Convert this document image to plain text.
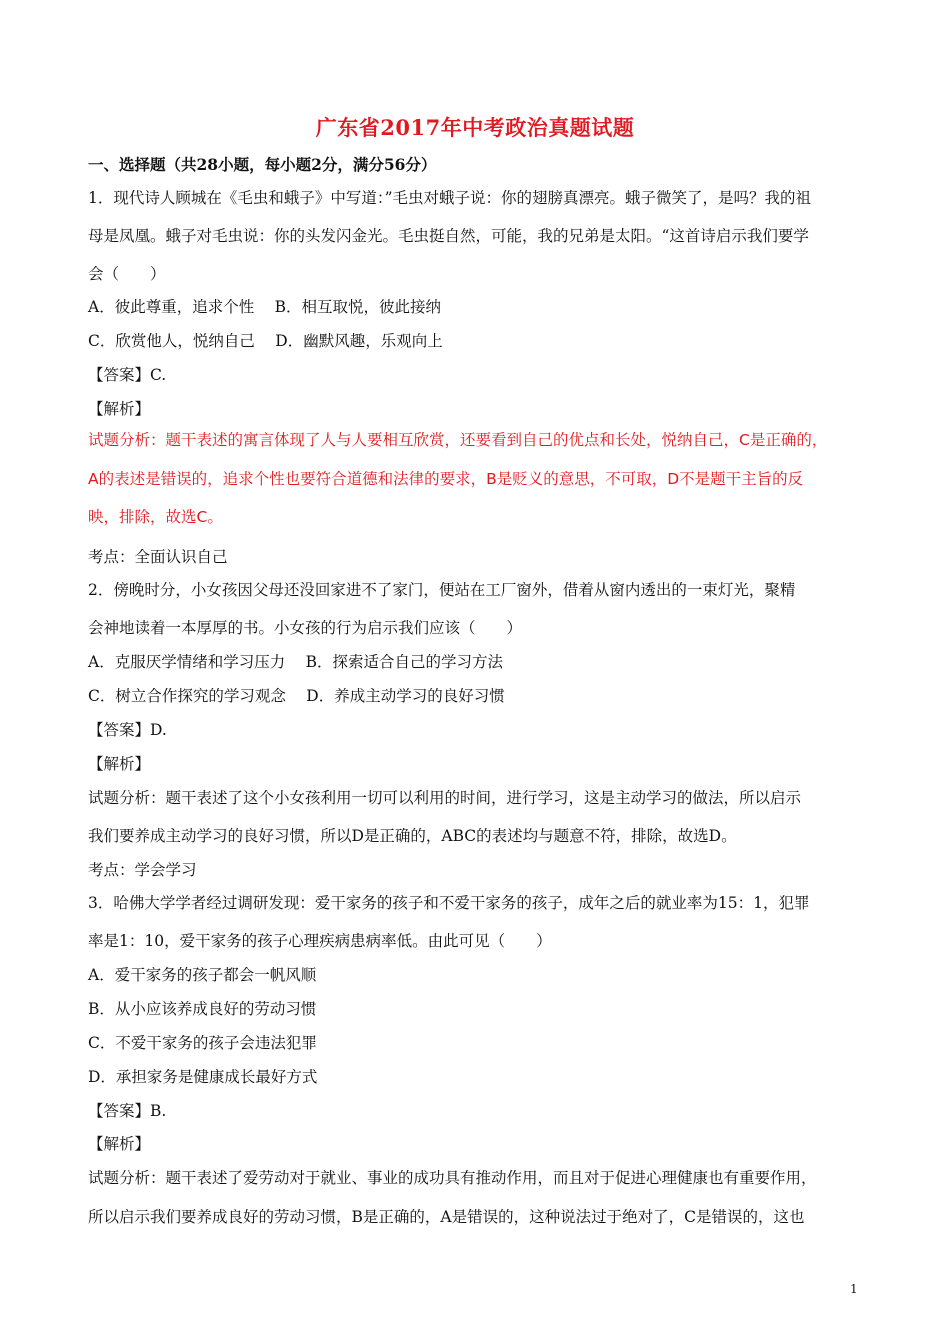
广东省2017年中考政治真题试题
一、选择题（共28小题，每小题2分，满分56分）
1．现代诗人顾城在《毛虫和蛾子》中写道：”毛虫对蛾子说：你的翅膀真漂亮。蛾子微笑了，是吗？我的祖
母是凤凰。蛾子对毛虫说：你的头发闪金光。毛虫挺自然，可能，我的兄弟是太阳。“这首诗启示我们要学
会（　　）
A．彼此尊重，追求个性　 B．相互取悦，彼此接纳
C．欣赏他人，悦纳自己　 D．幽默风趣，乐观向上
【答案】C.
【解析】
试题分析：题干表述的寓言体现了人与人要相互欣赏，还要看到自己的优点和长处，悦纳自己，C是正确的，
A的表述是错误的，追求个性也要符合道德和法律的要求，B是贬义的意思，不可取，D不是题干主旨的反
映，排除，故选C。
考点：全面认识自己
2．傍晚时分，小女孩因父母还没回家进不了家门，便站在工厂窗外，借着从窗内透出的一束灯光，聚精
会神地读着一本厚厚的书。小女孩的行为启示我们应该（　　）
A．克服厌学情绪和学习压力　 B．探索适合自己的学习方法
C．树立合作探究的学习观念　 D．养成主动学习的良好习惯
【答案】D.
【解析】
试题分析：题干表述了这个小女孩利用一切可以利用的时间，进行学习，这是主动学习的做法，所以启示
我们要养成主动学习的良好习惯，所以D是正确的，ABC的表述均与题意不符，排除，故选D。
考点：学会学习
3．哈佛大学学者经过调研发现：爱干家务的孩子和不爱干家务的孩子，成年之后的就业率为15：1，犯罪
率是1：10，爱干家务的孩子心理疾病患病率低。由此可见（　　）
A．爱干家务的孩子都会一帆风顺
B．从小应该养成良好的劳动习惯
C．不爱干家务的孩子会违法犯罪
D．承担家务是健康成长最好方式
【答案】B.
【解析】
试题分析：题干表述了爱劳动对于就业、事业的成功具有推动作用，而且对于促进心理健康也有重要作用，
所以启示我们要养成良好的劳动习惯，B是正确的，A是错误的，这种说法过于绝对了，C是错误的，这也
1
